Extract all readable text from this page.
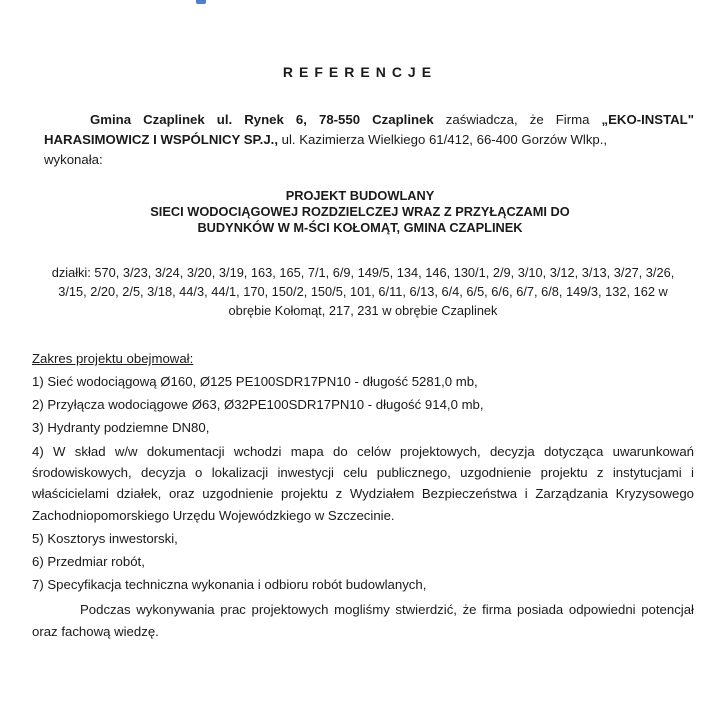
REFERENCJE

Gmina Czaplinek ul. Rynek 6, 78-550 Czaplinek zaświadcza, że Firma „EKO-INSTAL" HARASIMOWICZ I WSPÓLNICY SP.J., ul. Kazimierza Wielkiego 61/412, 66-400 Gorzów Wlkp.,

wykonała:

PROJEKT BUDOWLANY
SIECI WODOCIĄGOWEJ ROZDZIELCZEJ WRAZ Z PRZYŁĄCZAMI DO
BUDYNKÓW W M-ŚCI KOŁOMĄT, GMINA CZAPLINEK
działki: 570, 3/23, 3/24, 3/20, 3/19, 163, 165, 7/1, 6/9, 149/5, 134, 146, 130/1, 2/9, 3/10, 3/12, 3/13, 3/27, 3/26, 3/15, 2/20, 2/5, 3/18, 44/3, 44/1, 170, 150/2, 150/5, 101, 6/11, 6/13, 6/4, 6/5, 6/6, 6/7, 6/8, 149/3, 132, 162 w obrębie Kołomąt, 217, 231 w obrębie Czaplinek
Zakres projektu obejmował:
1) Sieć wodociągową Ø160, Ø125 PE100SDR17PN10 - długość 5281,0 mb,
2) Przyłącza wodociągowe Ø63, Ø32PE100SDR17PN10 - długość 914,0 mb,
3) Hydranty podziemne DN80,
4) W skład w/w dokumentacji wchodzi mapa do celów projektowych, decyzja dotycząca uwarunkowań środowiskowych, decyzja o lokalizacji inwestycji celu publicznego, uzgodnienie projektu z instytucjami i właścicielami działek, oraz uzgodnienie projektu z Wydziałem Bezpieczeństwa i Zarządzania Kryzysowego Zachodniopomorskiego Urzędu Wojewódzkiego w Szczecinie.
5) Kosztorys inwestorski,
6) Przedmiar robót,
7) Specyfikacja techniczna wykonania i odbioru robót budowlanych,
Podczas wykonywania prac projektowych mogliśmy stwierdzić, że firma posiada odpowiedni potencjał oraz fachową wiedzę.
